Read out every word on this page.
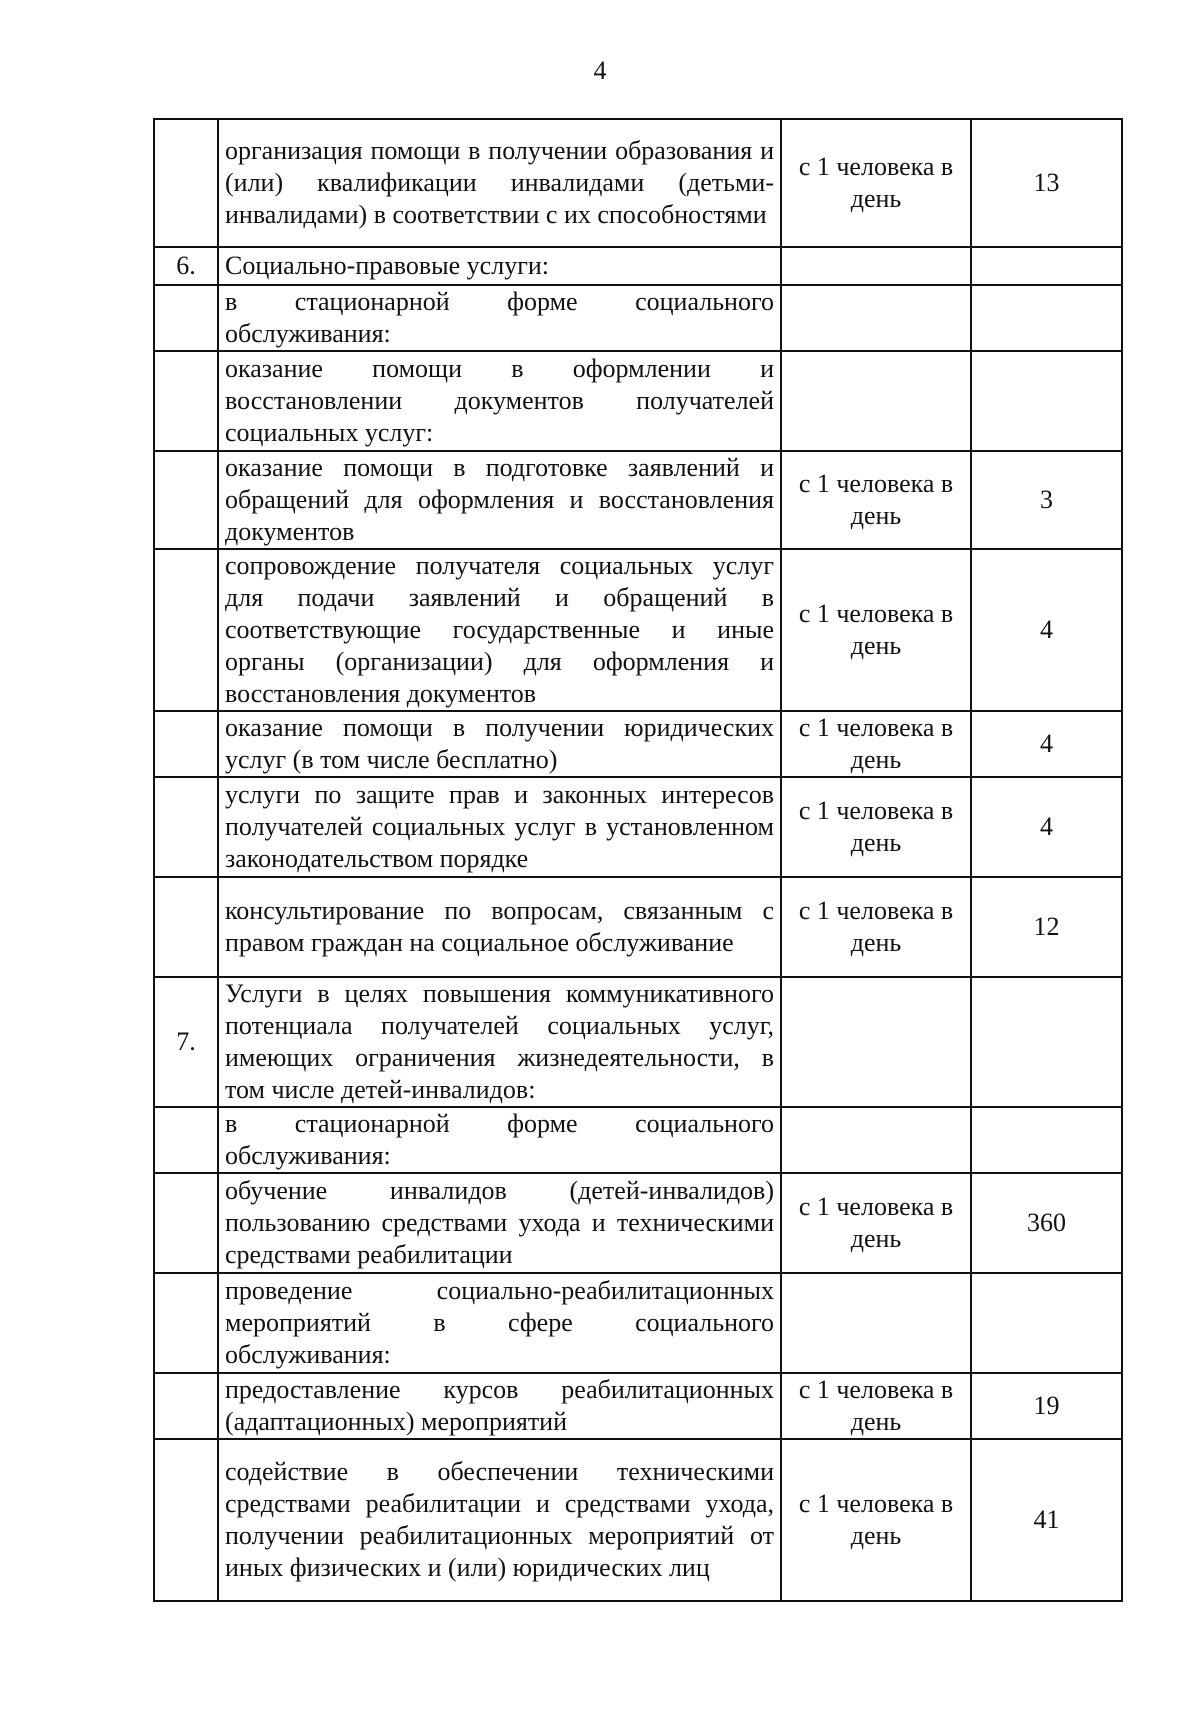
4
	организация помощи в получении образования и (или) квалификации инвалидами (детьми-инвалидами) в соответствии с их способностями	с 1 человека в день	13
6.	Социально-правовые услуги:		
	в стационарной форме социального обслуживания:		
	оказание помощи в оформлении и восстановлении документов получателей социальных услуг:		
	оказание помощи в подготовке заявлений и обращений для оформления и восстановления документов	с 1 человека в день	3
	сопровождение получателя социальных услуг для подачи заявлений и обращений в соответствующие государственные и иные органы (организации) для оформления и восстановления документов	с 1 человека в день	4
	оказание помощи в получении юридических услуг (в том числе бесплатно)	с 1 человека в день	4
	услуги по защите прав и законных интересов получателей социальных услуг в установленном законодательством порядке	с 1 человека в день	4
	консультирование по вопросам, связанным с правом граждан на социальное обслуживание	с 1 человека в день	12
7.	Услуги в целях повышения коммуникативного потенциала получателей социальных услуг, имеющих ограничения жизнедеятельности, в том числе детей-инвалидов:		
	в стационарной форме социального обслуживания:		
	обучение инвалидов (детей-инвалидов) пользованию средствами ухода и техническими средствами реабилитации	с 1 человека в день	360
	проведение социально-реабилитационных мероприятий в сфере социального обслуживания:		
	предоставление курсов реабилитационных (адаптационных) мероприятий	с 1 человека в день	19
	содействие в обеспечении техническими средствами реабилитации и средствами ухода, получении реабилитационных мероприятий от иных физических и (или) юридических лиц	с 1 человека в день	41
